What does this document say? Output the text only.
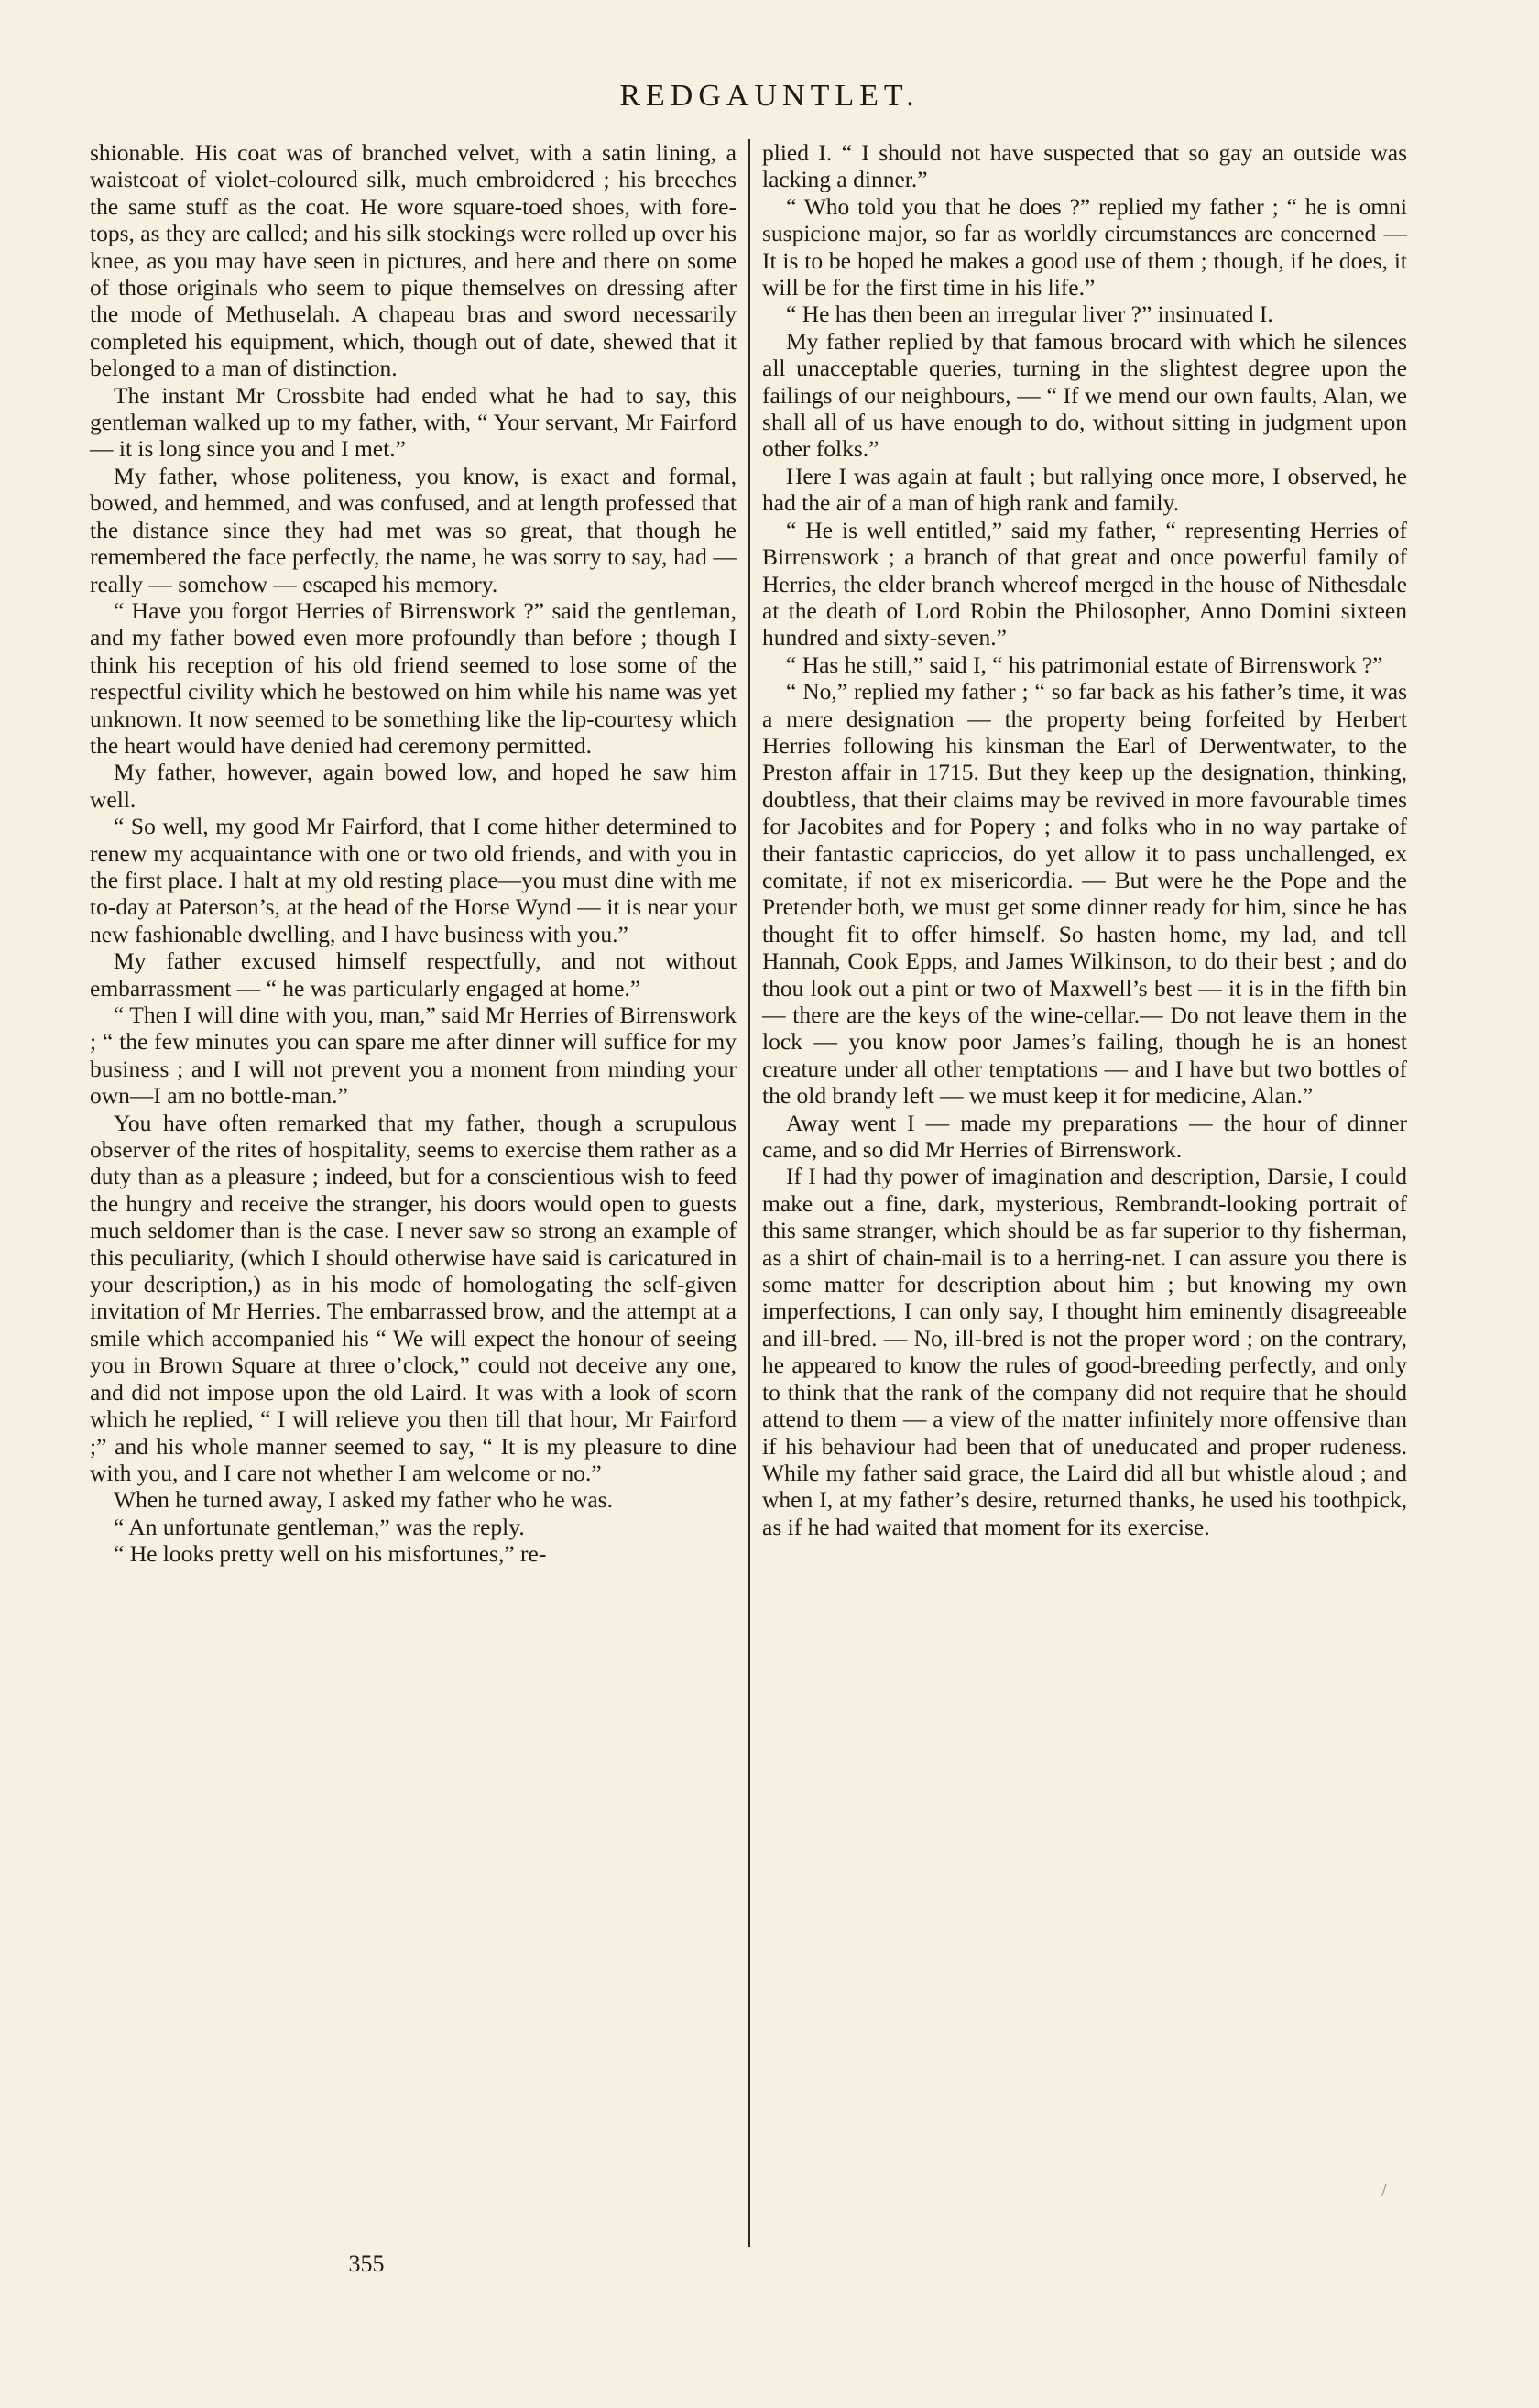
REDGAUNTLET.

shionable. His coat was of branched velvet, with a satin lining, a waistcoat of violet-coloured silk, much embroidered ; his breeches the same stuff as the coat. He wore square-toed shoes, with fore-tops, as they are called; and his silk stockings were rolled up over his knee, as you may have seen in pictures, and here and there on some of those originals who seem to pique themselves on dressing after the mode of Methuselah. A chapeau bras and sword necessarily completed his equipment, which, though out of date, shewed that it belonged to a man of distinction.

The instant Mr Crossbite had ended what he had to say, this gentleman walked up to my father, with, “ Your servant, Mr Fairford — it is long since you and I met.”

My father, whose politeness, you know, is exact and formal, bowed, and hemmed, and was confused, and at length professed that the distance since they had met was so great, that though he remembered the face perfectly, the name, he was sorry to say, had — really — somehow — escaped his memory.

“ Have you forgot Herries of Birrenswork ?” said the gentleman, and my father bowed even more profoundly than before ; though I think his reception of his old friend seemed to lose some of the respectful civility which he bestowed on him while his name was yet unknown. It now seemed to be something like the lip-courtesy which the heart would have denied had ceremony permitted.

My father, however, again bowed low, and hoped he saw him well.

“ So well, my good Mr Fairford, that I come hither determined to renew my acquaintance with one or two old friends, and with you in the first place. I halt at my old resting place—you must dine with me to-day at Paterson’s, at the head of the Horse Wynd — it is near your new fashionable dwelling, and I have business with you.”

My father excused himself respectfully, and not without embarrassment — “ he was particularly engaged at home.”

“ Then I will dine with you, man,” said Mr Herries of Birrenswork ; “ the few minutes you can spare me after dinner will suffice for my business ; and I will not prevent you a moment from minding your own—I am no bottle-man.”

You have often remarked that my father, though a scrupulous observer of the rites of hospitality, seems to exercise them rather as a duty than as a pleasure ; indeed, but for a conscientious wish to feed the hungry and receive the stranger, his doors would open to guests much seldomer than is the case. I never saw so strong an example of this peculiarity, (which I should otherwise have said is caricatured in your description,) as in his mode of homologating the self-given invitation of Mr Herries. The embarrassed brow, and the attempt at a smile which accompanied his “ We will expect the honour of seeing you in Brown Square at three o’clock,” could not deceive any one, and did not impose upon the old Laird. It was with a look of scorn which he replied, “ I will relieve you then till that hour, Mr Fairford ;” and his whole manner seemed to say, “ It is my pleasure to dine with you, and I care not whether I am welcome or no.”

When he turned away, I asked my father who he was.

“ An unfortunate gentleman,” was the reply.

“ He looks pretty well on his misfortunes,” re-

plied I. “ I should not have suspected that so gay an outside was lacking a dinner.”

“ Who told you that he does ?” replied my father ; “ he is omni suspicione major, so far as worldly circumstances are concerned — It is to be hoped he makes a good use of them ; though, if he does, it will be for the first time in his life.”

“ He has then been an irregular liver ?” insinuated I.

My father replied by that famous brocard with which he silences all unacceptable queries, turning in the slightest degree upon the failings of our neighbours, — “ If we mend our own faults, Alan, we shall all of us have enough to do, without sitting in judgment upon other folks.”

Here I was again at fault ; but rallying once more, I observed, he had the air of a man of high rank and family.

“ He is well entitled,” said my father, “ representing Herries of Birrenswork ; a branch of that great and once powerful family of Herries, the elder branch whereof merged in the house of Nithesdale at the death of Lord Robin the Philosopher, Anno Domini sixteen hundred and sixty-seven.”

“ Has he still,” said I, “ his patrimonial estate of Birrenswork ?”

“ No,” replied my father ; “ so far back as his father’s time, it was a mere designation — the property being forfeited by Herbert Herries following his kinsman the Earl of Derwentwater, to the Preston affair in 1715. But they keep up the designation, thinking, doubtless, that their claims may be revived in more favourable times for Jacobites and for Popery ; and folks who in no way partake of their fantastic capriccios, do yet allow it to pass unchallenged, ex comitate, if not ex misericordia. — But were he the Pope and the Pretender both, we must get some dinner ready for him, since he has thought fit to offer himself. So hasten home, my lad, and tell Hannah, Cook Epps, and James Wilkinson, to do their best ; and do thou look out a pint or two of Maxwell’s best — it is in the fifth bin — there are the keys of the wine-cellar.— Do not leave them in the lock — you know poor James’s failing, though he is an honest creature under all other temptations — and I have but two bottles of the old brandy left — we must keep it for medicine, Alan.”

Away went I — made my preparations — the hour of dinner came, and so did Mr Herries of Birrenswork.

If I had thy power of imagination and description, Darsie, I could make out a fine, dark, mysterious, Rembrandt-looking portrait of this same stranger, which should be as far superior to thy fisherman, as a shirt of chain-mail is to a herring-net. I can assure you there is some matter for description about him ; but knowing my own imperfections, I can only say, I thought him eminently disagreeable and ill-bred. — No, ill-bred is not the proper word ; on the contrary, he appeared to know the rules of good-breeding perfectly, and only to think that the rank of the company did not require that he should attend to them — a view of the matter infinitely more offensive than if his behaviour had been that of uneducated and proper rudeness. While my father said grace, the Laird did all but whistle aloud ; and when I, at my father’s desire, returned thanks, he used his toothpick, as if he had waited that moment for its exercise.

355
/
